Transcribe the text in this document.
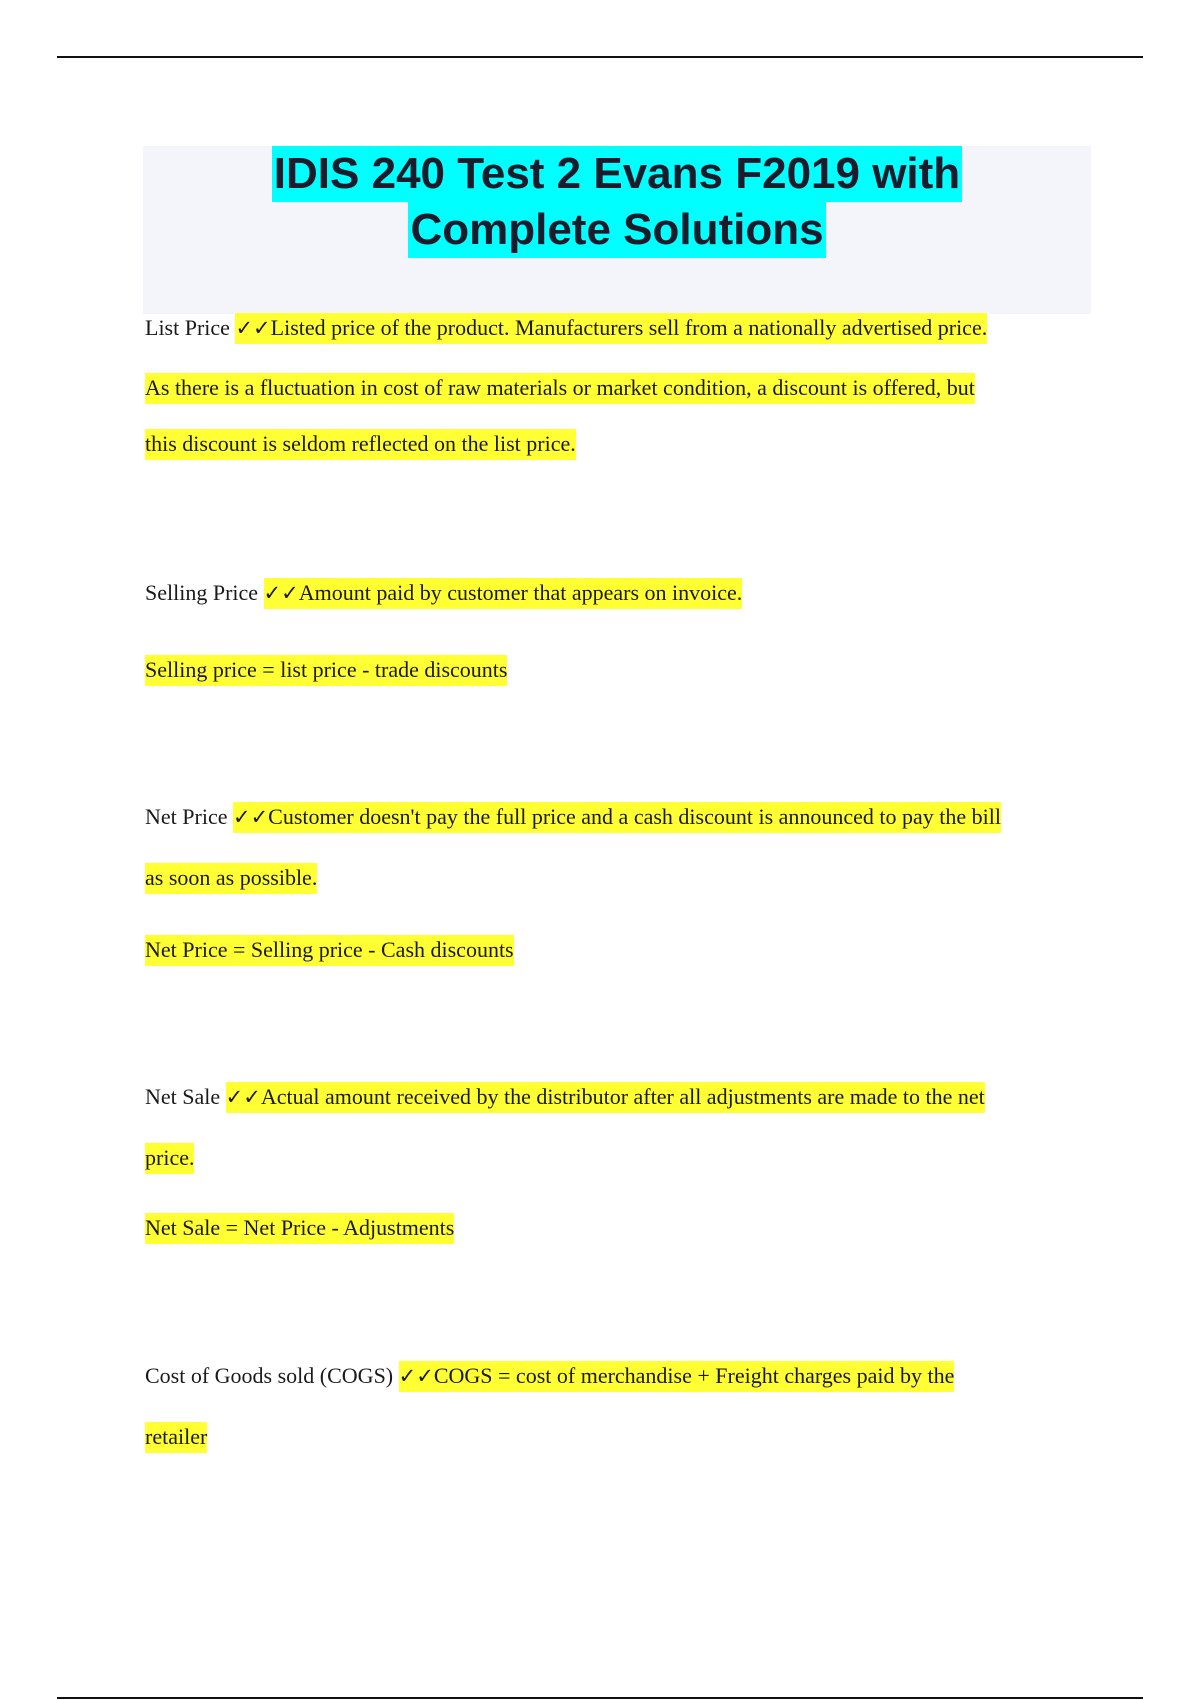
IDIS 240 Test 2 Evans F2019 with
Complete Solutions
List Price ✓✓Listed price of the product. Manufacturers sell from a nationally advertised price.
As there is a fluctuation in cost of raw materials or market condition, a discount is offered, but
this discount is seldom reflected on the list price.
Selling Price ✓✓Amount paid by customer that appears on invoice.
Selling price = list price - trade discounts
Net Price ✓✓Customer doesn't pay the full price and a cash discount is announced to pay the bill
as soon as possible.
Net Price = Selling price - Cash discounts
Net Sale ✓✓Actual amount received by the distributor after all adjustments are made to the net
price.
Net Sale = Net Price - Adjustments
Cost of Goods sold (COGS) ✓✓COGS = cost of merchandise + Freight charges paid by the
retailer
